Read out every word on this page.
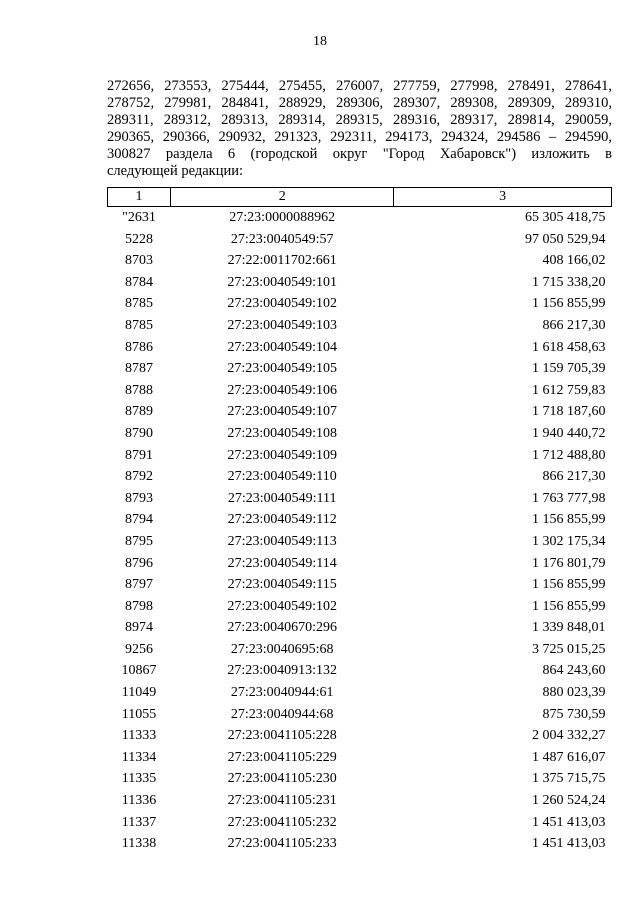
18
272656, 273553, 275444, 275455, 276007, 277759, 277998, 278491, 278641,
278752, 279981, 284841, 288929, 289306, 289307, 289308, 289309, 289310,
289311, 289312, 289313, 289314, 289315, 289316, 289317, 289814, 290059,
290365, 290366, 290932, 291323, 292311, 294173, 294324, 294586 – 294590,
300827 раздела 6 (городской округ "Город Хабаровск") изложить в
следующей редакции:
1	2	3
"2631	27:23:0000088962	65 305 418,75
5228	27:23:0040549:57	97 050 529,94
8703	27:22:0011702:661	408 166,02
8784	27:23:0040549:101	1 715 338,20
8785	27:23:0040549:102	1 156 855,99
8785	27:23:0040549:103	866 217,30
8786	27:23:0040549:104	1 618 458,63
8787	27:23:0040549:105	1 159 705,39
8788	27:23:0040549:106	1 612 759,83
8789	27:23:0040549:107	1 718 187,60
8790	27:23:0040549:108	1 940 440,72
8791	27:23:0040549:109	1 712 488,80
8792	27:23:0040549:110	866 217,30
8793	27:23:0040549:111	1 763 777,98
8794	27:23:0040549:112	1 156 855,99
8795	27:23:0040549:113	1 302 175,34
8796	27:23:0040549:114	1 176 801,79
8797	27:23:0040549:115	1 156 855,99
8798	27:23:0040549:102	1 156 855,99
8974	27:23:0040670:296	1 339 848,01
9256	27:23:0040695:68	3 725 015,25
10867	27:23:0040913:132	864 243,60
11049	27:23:0040944:61	880 023,39
11055	27:23:0040944:68	875 730,59
11333	27:23:0041105:228	2 004 332,27
11334	27:23:0041105:229	1 487 616,07
11335	27:23:0041105:230	1 375 715,75
11336	27:23:0041105:231	1 260 524,24
11337	27:23:0041105:232	1 451 413,03
11338	27:23:0041105:233	1 451 413,03
